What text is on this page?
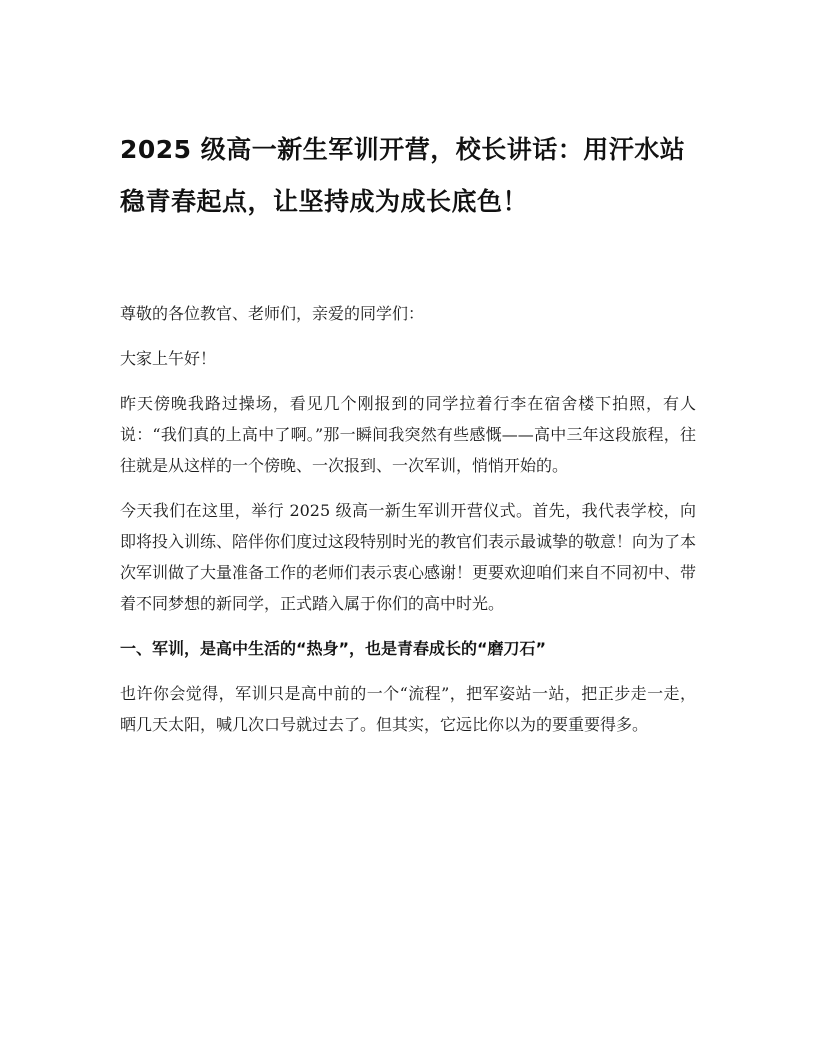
2025 级高一新生军训开营，校长讲话：用汗水站稳青春起点，让坚持成为成长底色！

尊敬的各位教官、老师们，亲爱的同学们：

大家上午好！

昨天傍晚我路过操场，看见几个刚报到的同学拉着行李在宿舍楼下拍照，有人说：“我们真的上高中了啊。”那一瞬间我突然有些感慨——高中三年这段旅程，往往就是从这样的一个傍晚、一次报到、一次军训，悄悄开始的。

今天我们在这里，举行 2025 级高一新生军训开营仪式。首先，我代表学校，向即将投入训练、陪伴你们度过这段特别时光的教官们表示最诚挚的敬意！向为了本次军训做了大量准备工作的老师们表示衷心感谢！更要欢迎咱们来自不同初中、带着不同梦想的新同学，正式踏入属于你们的高中时光。

一、军训，是高中生活的“热身”，也是青春成长的“磨刀石”

也许你会觉得，军训只是高中前的一个“流程”，把军姿站一站，把正步走一走，晒几天太阳，喊几次口号就过去了。但其实，它远比你以为的要重要得多。
